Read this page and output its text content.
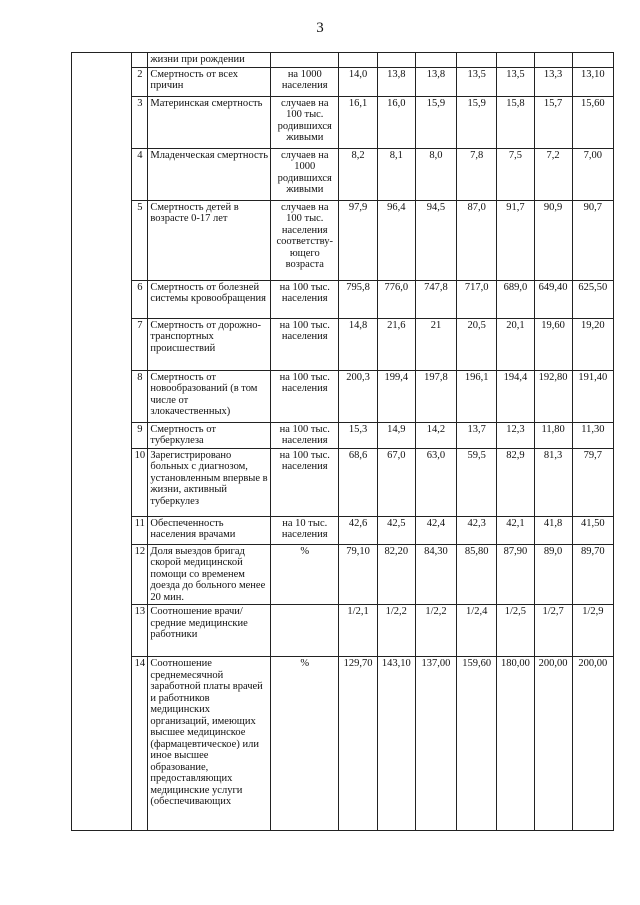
3
		жизни при рождении								
	2	Смертность от всех причин	на 1000 населения	14,0	13,8	13,8	13,5	13,5	13,3	13,10
	3	Материнская смертность	случаев на 100 тыс. родившихся живыми	16,1	16,0	15,9	15,9	15,8	15,7	15,60
	4	Младенческая смертность	случаев на 1000 родившихся живыми	8,2	8,1	8,0	7,8	7,5	7,2	7,00
	5	Смертность детей в возрасте 0-17 лет	случаев на 100 тыс. населения соответству-ющего возраста	97,9	96,4	94,5	87,0	91,7	90,9	90,7
	6	Смертность от болезней системы кровообращения	на 100 тыс. населения	795,8	776,0	747,8	717,0	689,0	649,40	625,50
	7	Смертность от дорожно-транспортных происшествий	на 100 тыс. населения	14,8	21,6	21	20,5	20,1	19,60	19,20
	8	Смертность от новообразований (в том числе от злокачественных)	на 100 тыс. населения	200,3	199,4	197,8	196,1	194,4	192,80	191,40
	9	Смертность от туберкулеза	на 100 тыс. населения	15,3	14,9	14,2	13,7	12,3	11,80	11,30
	10	Зарегистрировано больных с диагнозом, установленным впервые в жизни, активный туберкулез	на 100 тыс. населения	68,6	67,0	63,0	59,5	82,9	81,3	79,7
	11	Обеспеченность населения врачами	на 10 тыс. населения	42,6	42,5	42,4	42,3	42,1	41,8	41,50
	12	Доля выездов бригад скорой медицинской помощи со временем доезда до больного менее 20 мин.	%	79,10	82,20	84,30	85,80	87,90	89,0	89,70
	13	Соотношение врачи/средние медицинские работники		1/2,1	1/2,2	1/2,2	1/2,4	1/2,5	1/2,7	1/2,9
	14	Соотношение среднемесячной заработной платы врачей и работников медицинских организаций, имеющих высшее медицинское (фармацевтическое) или иное высшее образование, предоставляющих медицинские услуги (обеспечивающих	%	129,70	143,10	137,00	159,60	180,00	200,00	200,00
